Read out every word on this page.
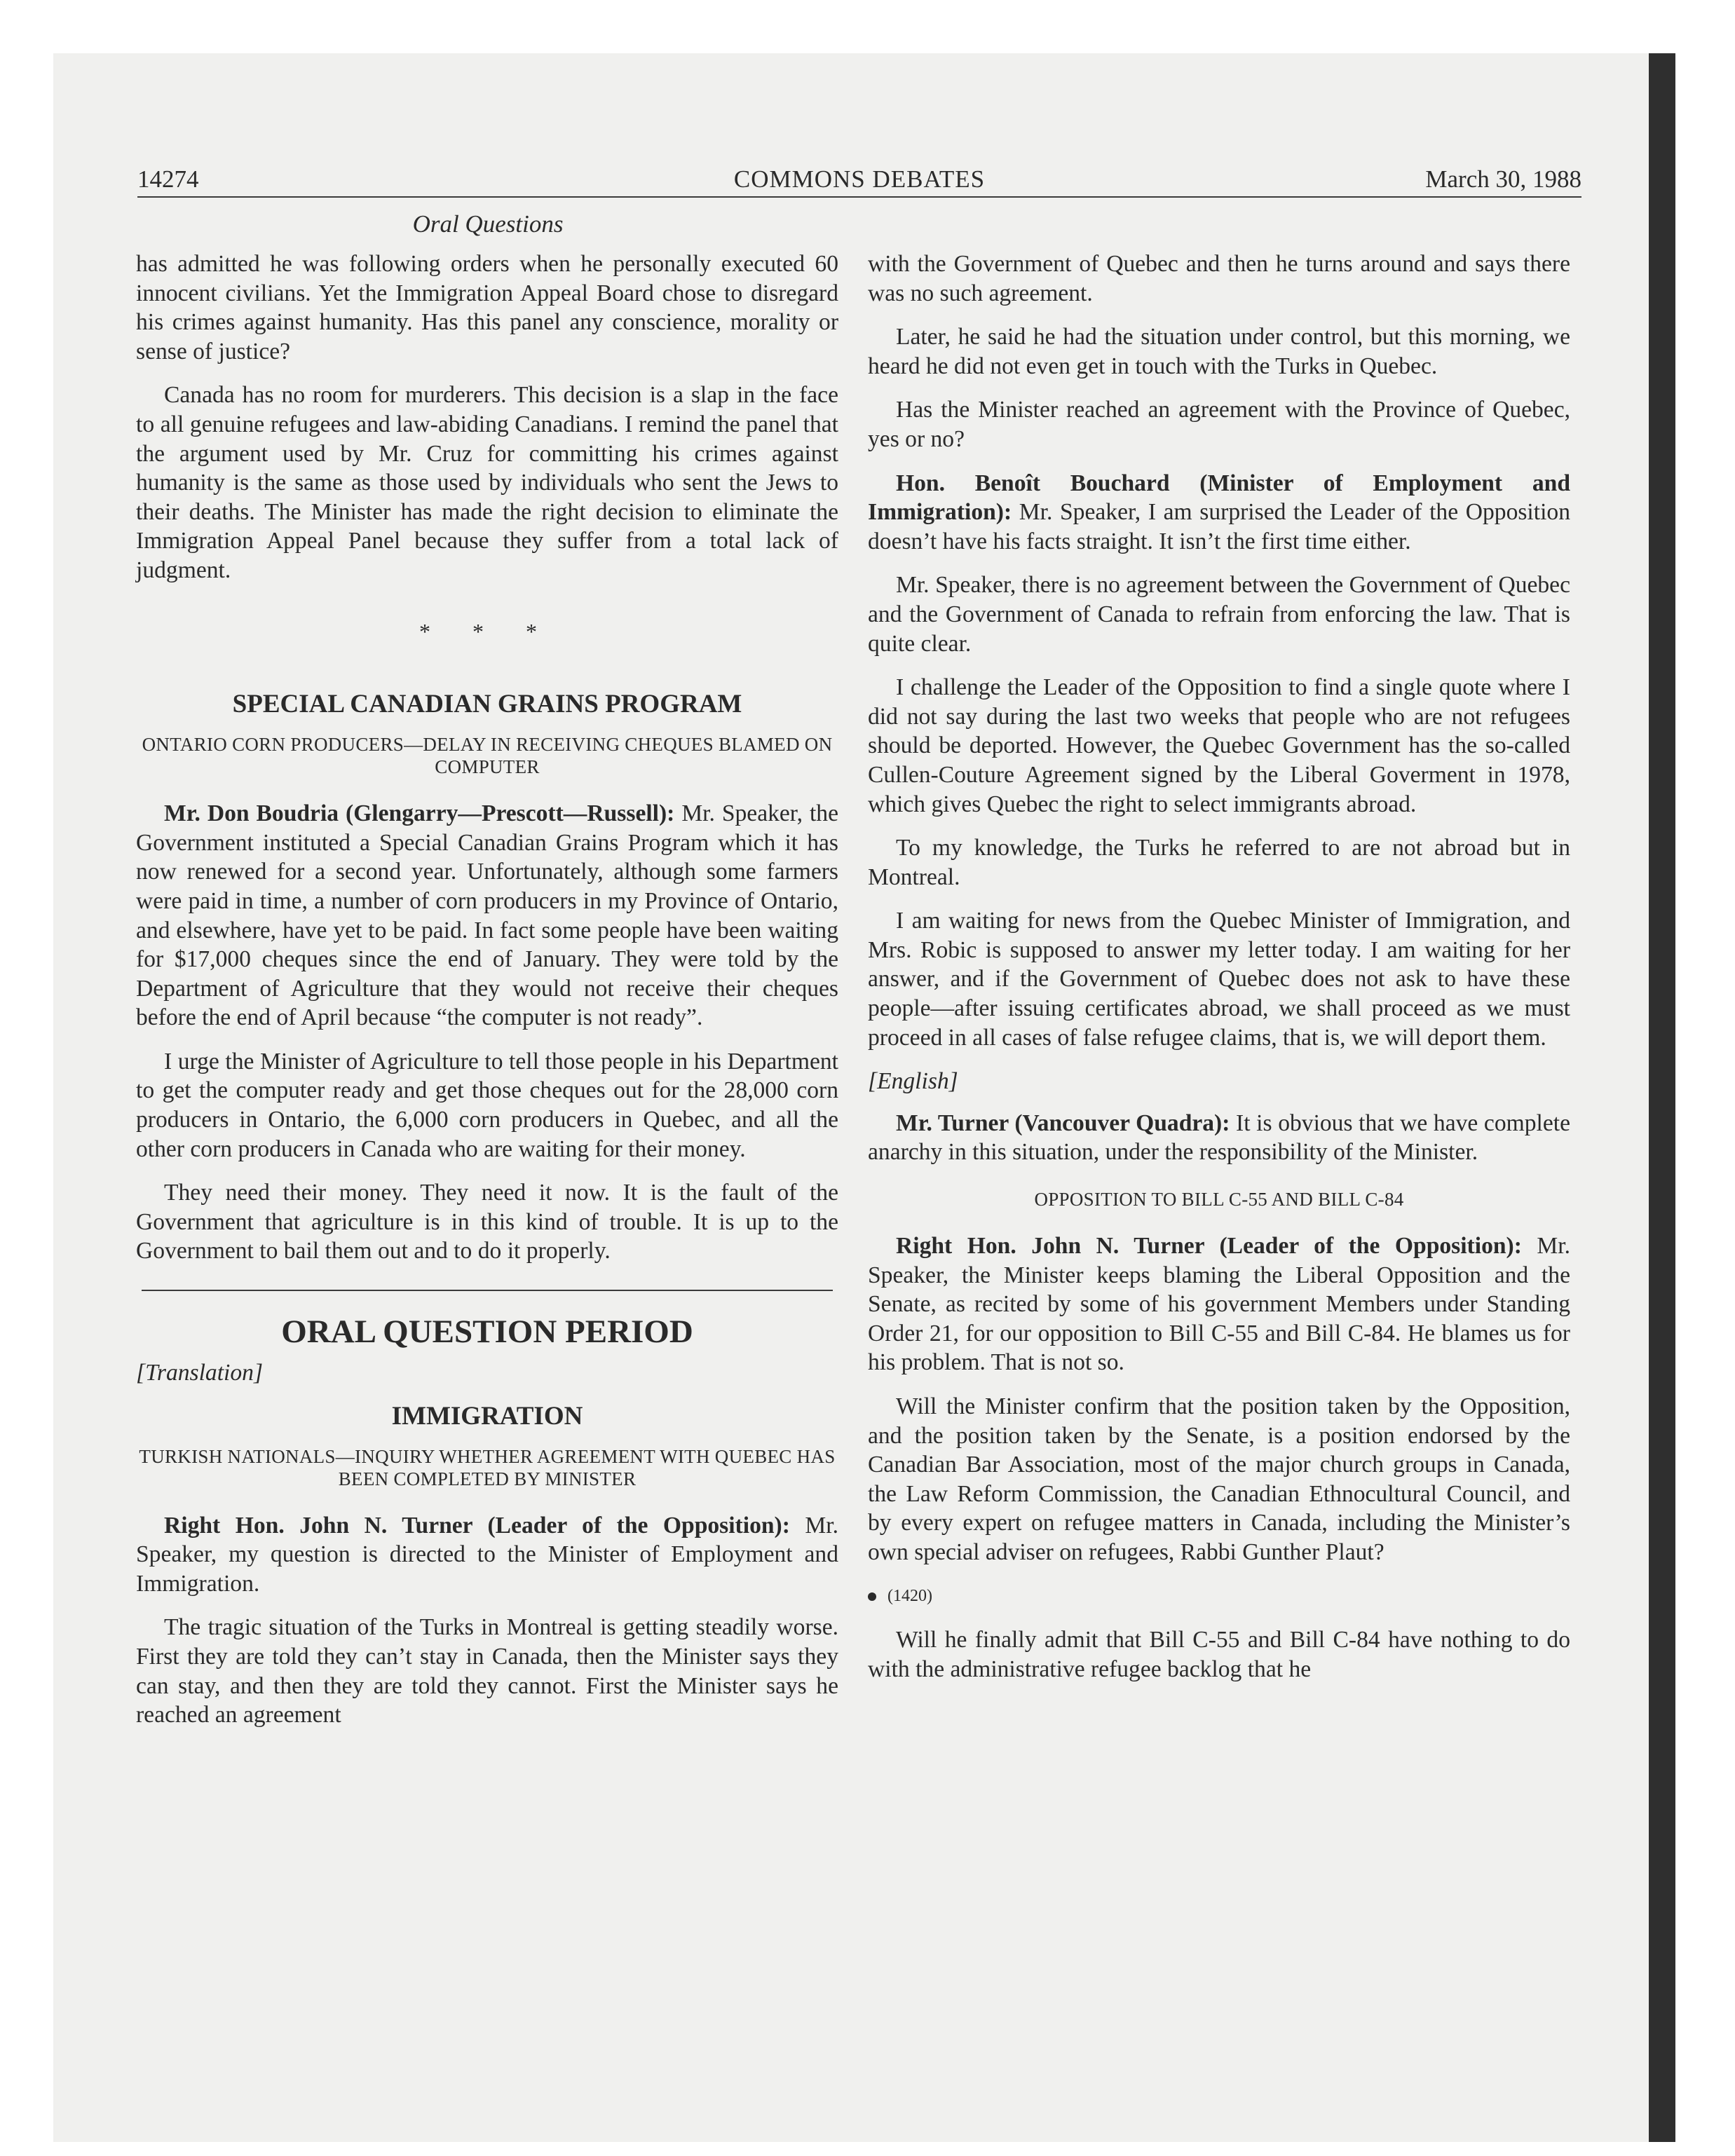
14274	COMMONS DEBATES	March 30, 1988
Oral Questions

has admitted he was following orders when he personally executed 60 innocent civilians. Yet the Immigration Appeal Board chose to disregard his crimes against humanity. Has this panel any conscience, morality or sense of justice?

Canada has no room for murderers. This decision is a slap in the face to all genuine refugees and law-abiding Canadians. I remind the panel that the argument used by Mr. Cruz for committing his crimes against humanity is the same as those used by individuals who sent the Jews to their deaths. The Minister has made the right decision to eliminate the Immigration Appeal Panel because they suffer from a total lack of judgment.

* * *
SPECIAL CANADIAN GRAINS PROGRAM
ONTARIO CORN PRODUCERS—DELAY IN RECEIVING CHEQUES BLAMED ON COMPUTER

Mr. Don Boudria (Glengarry—Prescott—Russell): Mr. Speaker, the Government instituted a Special Canadian Grains Program which it has now renewed for a second year. Unfortunately, although some farmers were paid in time, a number of corn producers in my Province of Ontario, and elsewhere, have yet to be paid. In fact some people have been waiting for $17,000 cheques since the end of January. They were told by the Department of Agriculture that they would not receive their cheques before the end of April because “the computer is not ready”.

I urge the Minister of Agriculture to tell those people in his Department to get the computer ready and get those cheques out for the 28,000 corn producers in Ontario, the 6,000 corn producers in Quebec, and all the other corn producers in Canada who are waiting for their money.

They need their money. They need it now. It is the fault of the Government that agriculture is in this kind of trouble. It is up to the Government to bail them out and to do it properly.

ORAL QUESTION PERIOD

[Translation]

IMMIGRATION
TURKISH NATIONALS—INQUIRY WHETHER AGREEMENT WITH QUEBEC HAS BEEN COMPLETED BY MINISTER

Right Hon. John N. Turner (Leader of the Opposition): Mr. Speaker, my question is directed to the Minister of Employment and Immigration.

The tragic situation of the Turks in Montreal is getting steadily worse. First they are told they can’t stay in Canada, then the Minister says they can stay, and then they are told they cannot. First the Minister says he reached an agreement

with the Government of Quebec and then he turns around and says there was no such agreement.

Later, he said he had the situation under control, but this morning, we heard he did not even get in touch with the Turks in Quebec.

Has the Minister reached an agreement with the Province of Quebec, yes or no?

Hon. Benoît Bouchard (Minister of Employment and Immigration): Mr. Speaker, I am surprised the Leader of the Opposition doesn’t have his facts straight. It isn’t the first time either.

Mr. Speaker, there is no agreement between the Government of Quebec and the Government of Canada to refrain from enforcing the law. That is quite clear.

I challenge the Leader of the Opposition to find a single quote where I did not say during the last two weeks that people who are not refugees should be deported. However, the Quebec Government has the so-called Cullen-Couture Agreement signed by the Liberal Goverment in 1978, which gives Quebec the right to select immigrants abroad.

To my knowledge, the Turks he referred to are not abroad but in Montreal.

I am waiting for news from the Quebec Minister of Immigration, and Mrs. Robic is supposed to answer my letter today. I am waiting for her answer, and if the Government of Quebec does not ask to have these people—after issuing certificates abroad, we shall proceed as we must proceed in all cases of false refugee claims, that is, we will deport them.

[English]

Mr. Turner (Vancouver Quadra): It is obvious that we have complete anarchy in this situation, under the responsibility of the Minister.

OPPOSITION TO BILL C-55 AND BILL C-84

Right Hon. John N. Turner (Leader of the Opposition): Mr. Speaker, the Minister keeps blaming the Liberal Opposition and the Senate, as recited by some of his government Members under Standing Order 21, for our opposition to Bill C-55 and Bill C-84. He blames us for his problem. That is not so.

Will the Minister confirm that the position taken by the Opposition, and the position taken by the Senate, is a position endorsed by the Canadian Bar Association, most of the major church groups in Canada, the Law Reform Commission, the Canadian Ethnocultural Council, and by every expert on refugee matters in Canada, including the Minister’s own special adviser on refugees, Rabbi Gunther Plaut?

(1420)

Will he finally admit that Bill C-55 and Bill C-84 have nothing to do with the administrative refugee backlog that he
